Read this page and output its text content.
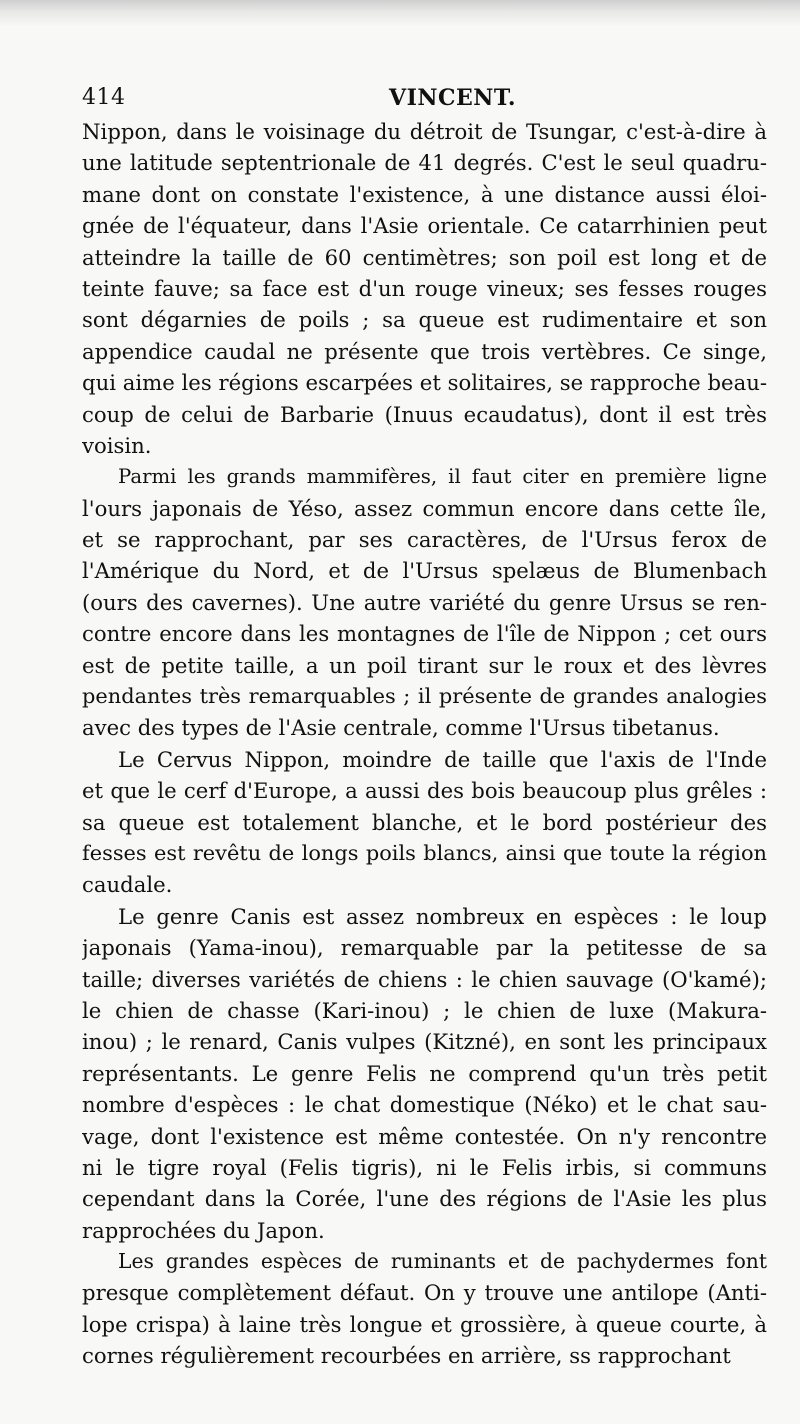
414	VINCENT.
Nippon, dans le voisinage du détroit de Tsungar, c'est-à-dire à
une latitude septentrionale de 41 degrés. C'est le seul quadru-
mane dont on constate l'existence, à une distance aussi éloi-
gnée de l'équateur, dans l'Asie orientale. Ce catarrhinien peut
atteindre la taille de 60 centimètres; son poil est long et de
teinte fauve; sa face est d'un rouge vineux; ses fesses rouges
sont dégarnies de poils ; sa queue est rudimentaire et son
appendice caudal ne présente que trois vertèbres. Ce singe,
qui aime les régions escarpées et solitaires, se rapproche beau-
coup de celui de Barbarie (Inuus ecaudatus), dont il est très
voisin.
Parmi les grands mammifères, il faut citer en première ligne
l'ours japonais de Yéso, assez commun encore dans cette île,
et se rapprochant, par ses caractères, de l'Ursus ferox de
l'Amérique du Nord, et de l'Ursus spelæus de Blumenbach
(ours des cavernes). Une autre variété du genre Ursus se ren-
contre encore dans les montagnes de l'île de Nippon ; cet ours
est de petite taille, a un poil tirant sur le roux et des lèvres
pendantes très remarquables ; il présente de grandes analogies
avec des types de l'Asie centrale, comme l'Ursus tibetanus.
Le Cervus Nippon, moindre de taille que l'axis de l'Inde
et que le cerf d'Europe, a aussi des bois beaucoup plus grêles :
sa queue est totalement blanche, et le bord postérieur des
fesses est revêtu de longs poils blancs, ainsi que toute la région
caudale.
Le genre Canis est assez nombreux en espèces : le loup
japonais (Yama-inou), remarquable par la petitesse de sa
taille; diverses variétés de chiens : le chien sauvage (O'kamé);
le chien de chasse (Kari-inou) ; le chien de luxe (Makura-
inou) ; le renard, Canis vulpes (Kitzné), en sont les principaux
représentants. Le genre Felis ne comprend qu'un très petit
nombre d'espèces : le chat domestique (Néko) et le chat sau-
vage, dont l'existence est même contestée. On n'y rencontre
ni le tigre royal (Felis tigris), ni le Felis irbis, si communs
cependant dans la Corée, l'une des régions de l'Asie les plus
rapprochées du Japon.
Les grandes espèces de ruminants et de pachydermes font
presque complètement défaut. On y trouve une antilope (Anti-
lope crispa) à laine très longue et grossière, à queue courte, à
cornes régulièrement recourbées en arrière, ss rapprochant
